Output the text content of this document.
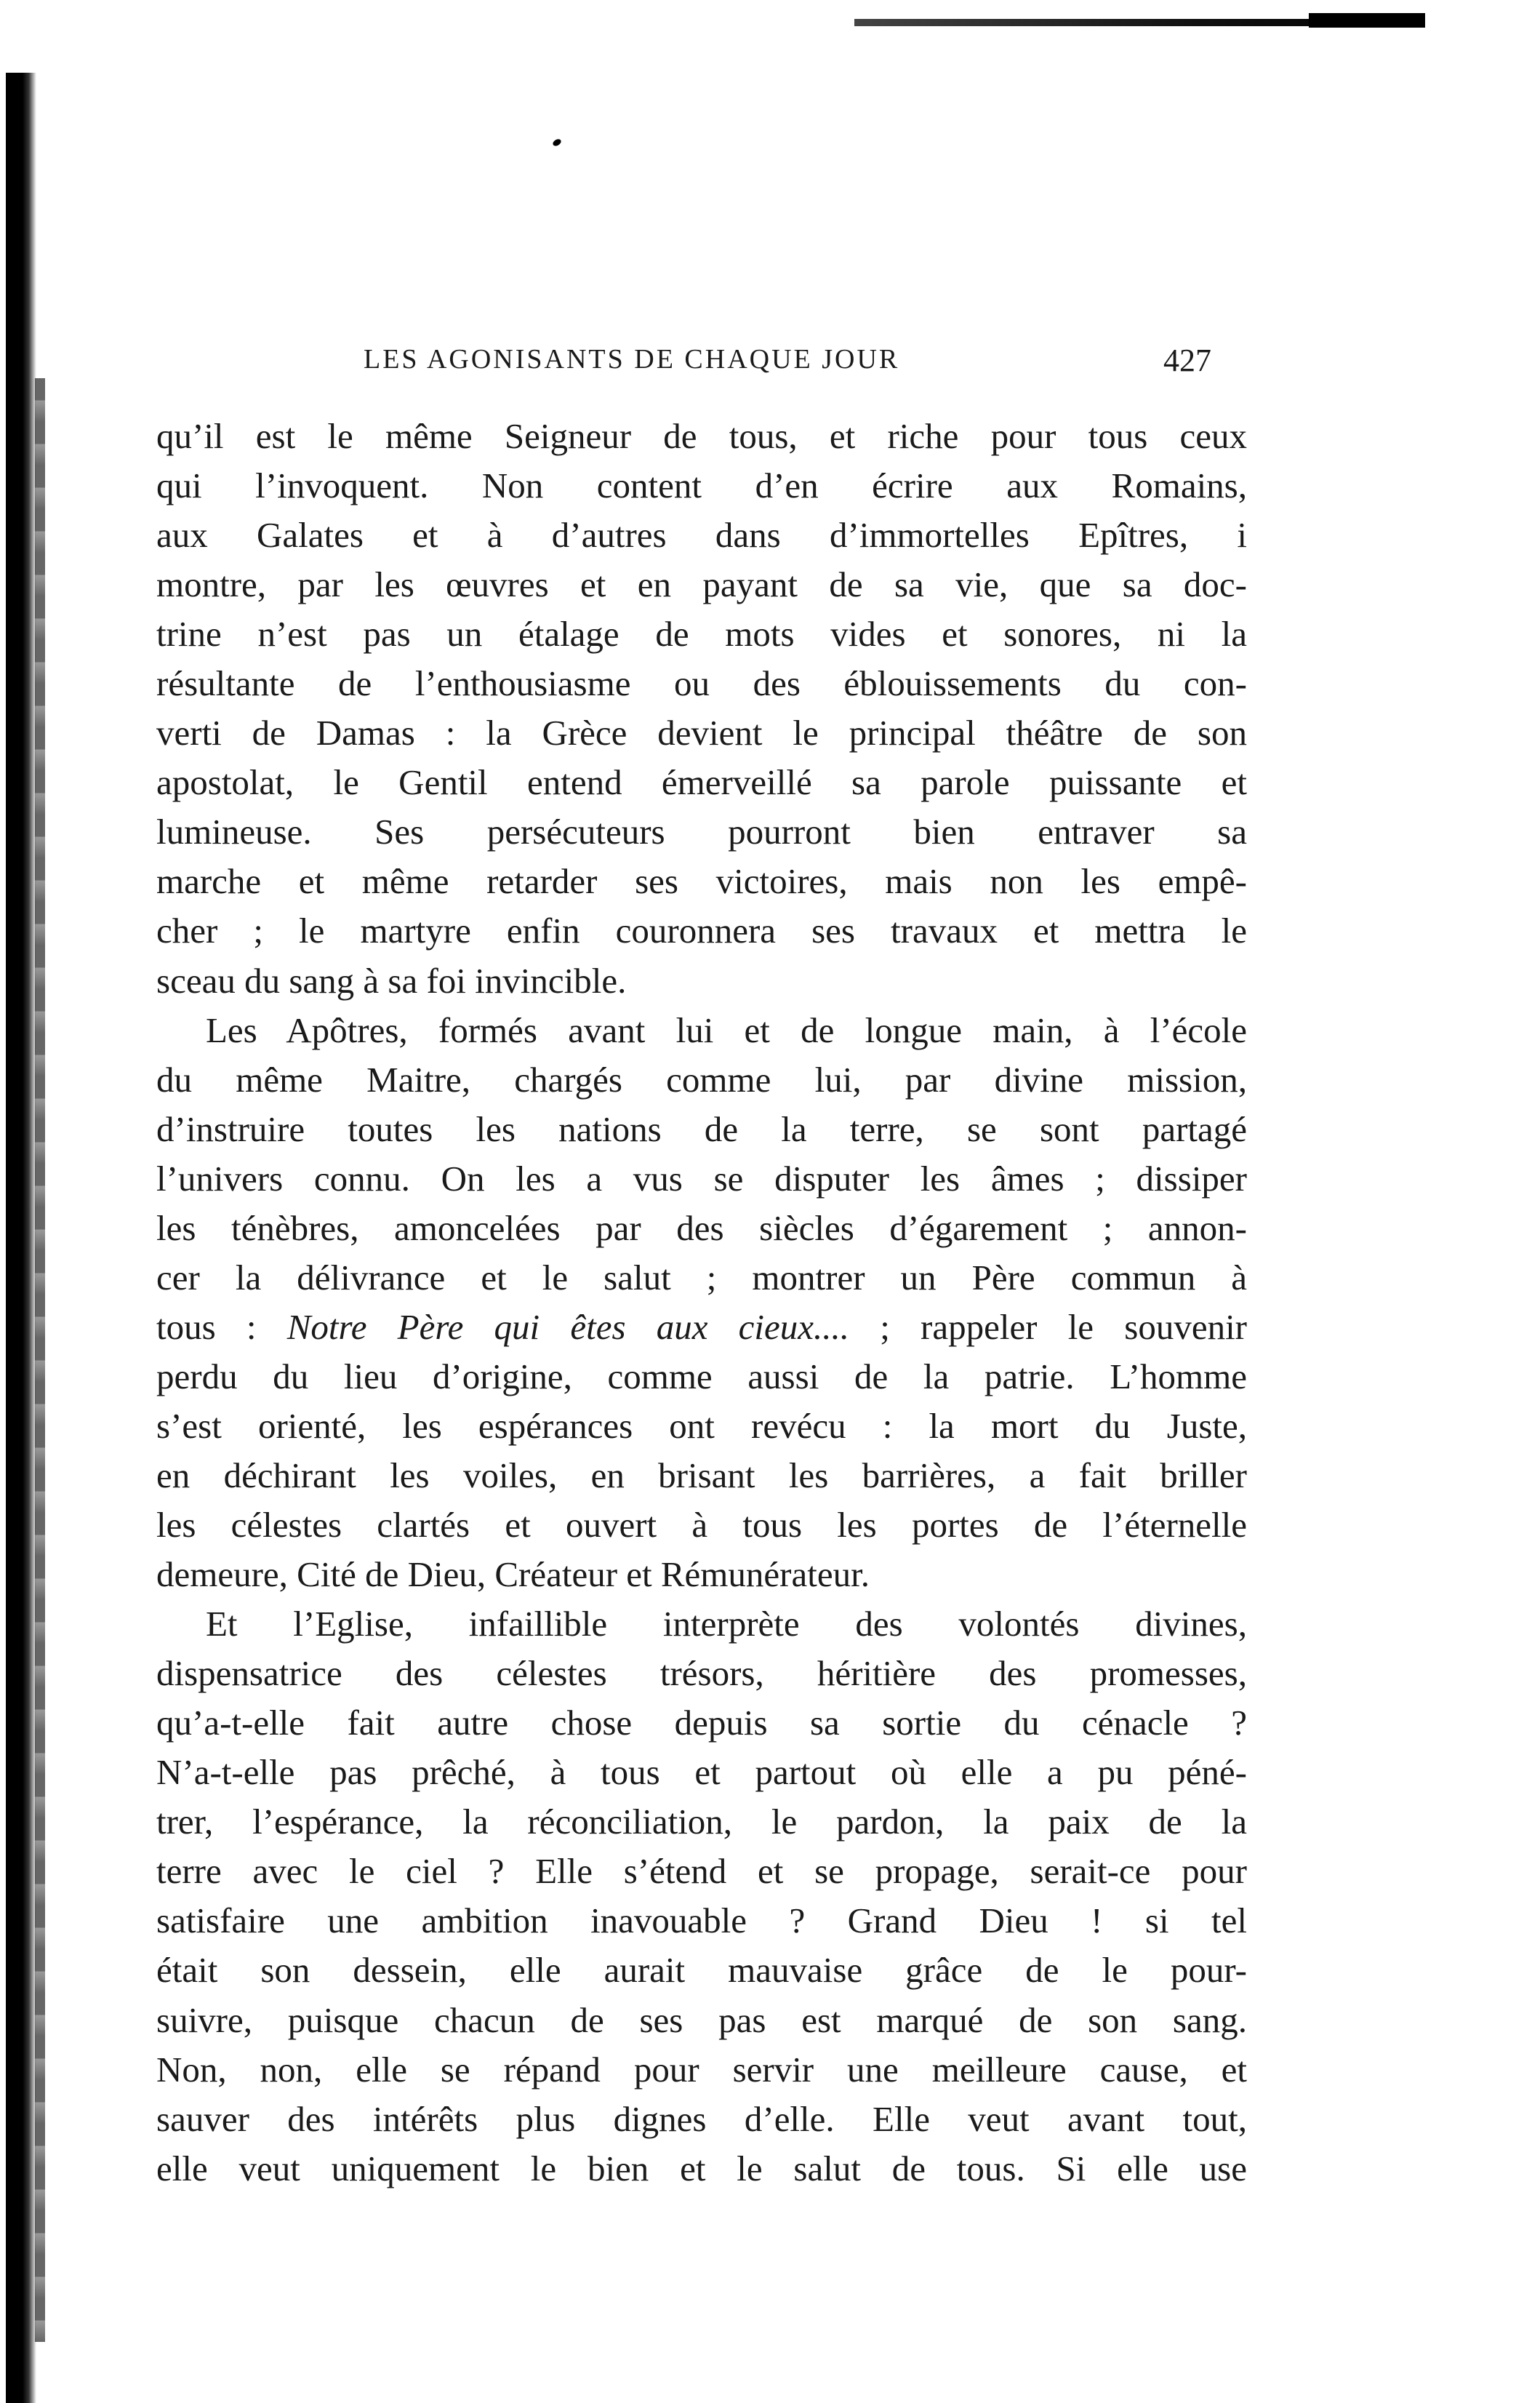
LES AGONISANTS DE CHAQUE JOUR	427
qu’il est le même Seigneur de tous, et riche pour tous ceux
qui l’invoquent. Non content d’en écrire aux Romains,
aux Galates et à d’autres dans d’immortelles Epîtres, i
montre, par les œuvres et en payant de sa vie, que sa doc-
trine n’est pas un étalage de mots vides et sonores, ni la
résultante de l’enthousiasme ou des éblouissements du con-
verti de Damas : la Grèce devient le principal théâtre de son
apostolat, le Gentil entend émerveillé sa parole puissante et
lumineuse. Ses persécuteurs pourront bien entraver sa
marche et même retarder ses victoires, mais non les empê-
cher ; le martyre enfin couronnera ses travaux et mettra le
sceau du sang à sa foi invincible.
Les Apôtres, formés avant lui et de longue main, à l’école
du même Maitre, chargés comme lui, par divine mission,
d’instruire toutes les nations de la terre, se sont partagé
l’univers connu. On les a vus se disputer les âmes ; dissiper
les ténèbres, amoncelées par des siècles d’égarement ; annon-
cer la délivrance et le salut ; montrer un Père commun à
tous : Notre Père qui êtes aux cieux.... ; rappeler le souvenir
perdu du lieu d’origine, comme aussi de la patrie. L’homme
s’est orienté, les espérances ont revécu : la mort du Juste,
en déchirant les voiles, en brisant les barrières, a fait briller
les célestes clartés et ouvert à tous les portes de l’éternelle
demeure, Cité de Dieu, Créateur et Rémunérateur.
Et l’Eglise, infaillible interprète des volontés divines,
dispensatrice des célestes trésors, héritière des promesses,
qu’a-t-elle fait autre chose depuis sa sortie du cénacle ?
N’a-t-elle pas prêché, à tous et partout où elle a pu péné-
trer, l’espérance, la réconciliation, le pardon, la paix de la
terre avec le ciel ? Elle s’étend et se propage, serait-ce pour
satisfaire une ambition inavouable ? Grand Dieu ! si tel
était son dessein, elle aurait mauvaise grâce de le pour-
suivre, puisque chacun de ses pas est marqué de son sang.
Non, non, elle se répand pour servir une meilleure cause, et
sauver des intérêts plus dignes d’elle. Elle veut avant tout,
elle veut uniquement le bien et le salut de tous. Si elle use
